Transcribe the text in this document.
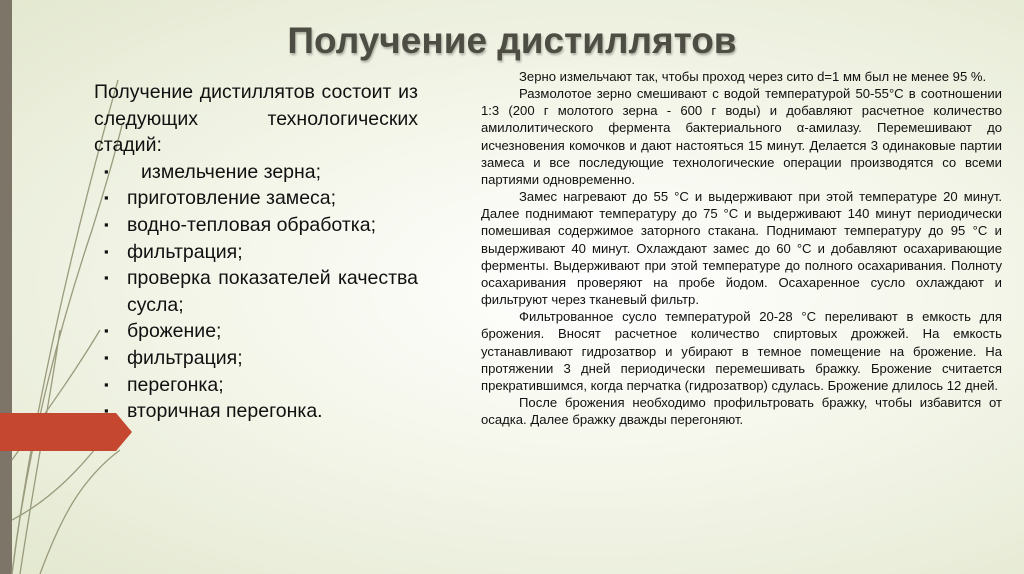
Получение дистиллятов

Получение дистиллятов состоит из следующих технологических стадий:

▪	измельчение зерна;
▪ приготовление замеса;
▪ водно-тепловая обработка;
▪ фильтрация;
▪ проверка показателей качества сусла;
▪ брожение;
▪ фильтрация;
▪ перегонка;
▪ вторичная перегонка.

Зерно измельчают так, чтобы проход через сито d=1 мм был не менее 95 %.

Размолотое зерно смешивают с водой температурой 50-55°С в соотношении 1:3 (200 г молотого зерна - 600 г воды) и добавляют расчетное количество амилолитического фермента бактериального α-амилазу. Перемешивают до исчезновения комочков и дают настояться 15 минут. Делается 3 одинаковые партии замеса и все последующие технологические операции производятся со всеми партиями одновременно.

Замес нагревают до 55 °С и выдерживают при этой температуре 20 минут. Далее поднимают температуру до 75 °С и выдерживают 140 минут периодически помешивая содержимое заторного стакана. Поднимают температуру до 95 °С и выдерживают 40 минут. Охлаждают замес до 60 °С и добавляют осахаривающие ферменты. Выдерживают при этой температуре до полного осахаривания. Полноту осахаривания проверяют на пробе йодом. Осахаренное сусло охлаждают и фильтруют через тканевый фильтр.

Фильтрованное сусло температурой 20-28 °С переливают в емкость для брожения. Вносят расчетное количество спиртовых дрожжей. На емкость устанавливают гидрозатвор и убирают в темное помещение на брожение. На протяжении 3 дней периодически перемешивать бражку. Брожение считается прекратившимся, когда перчатка (гидрозатвор) сдулась. Брожение длилось 12 дней.

После брожения необходимо профильтровать бражку, чтобы избавится от осадка. Далее бражку дважды перегоняют.
